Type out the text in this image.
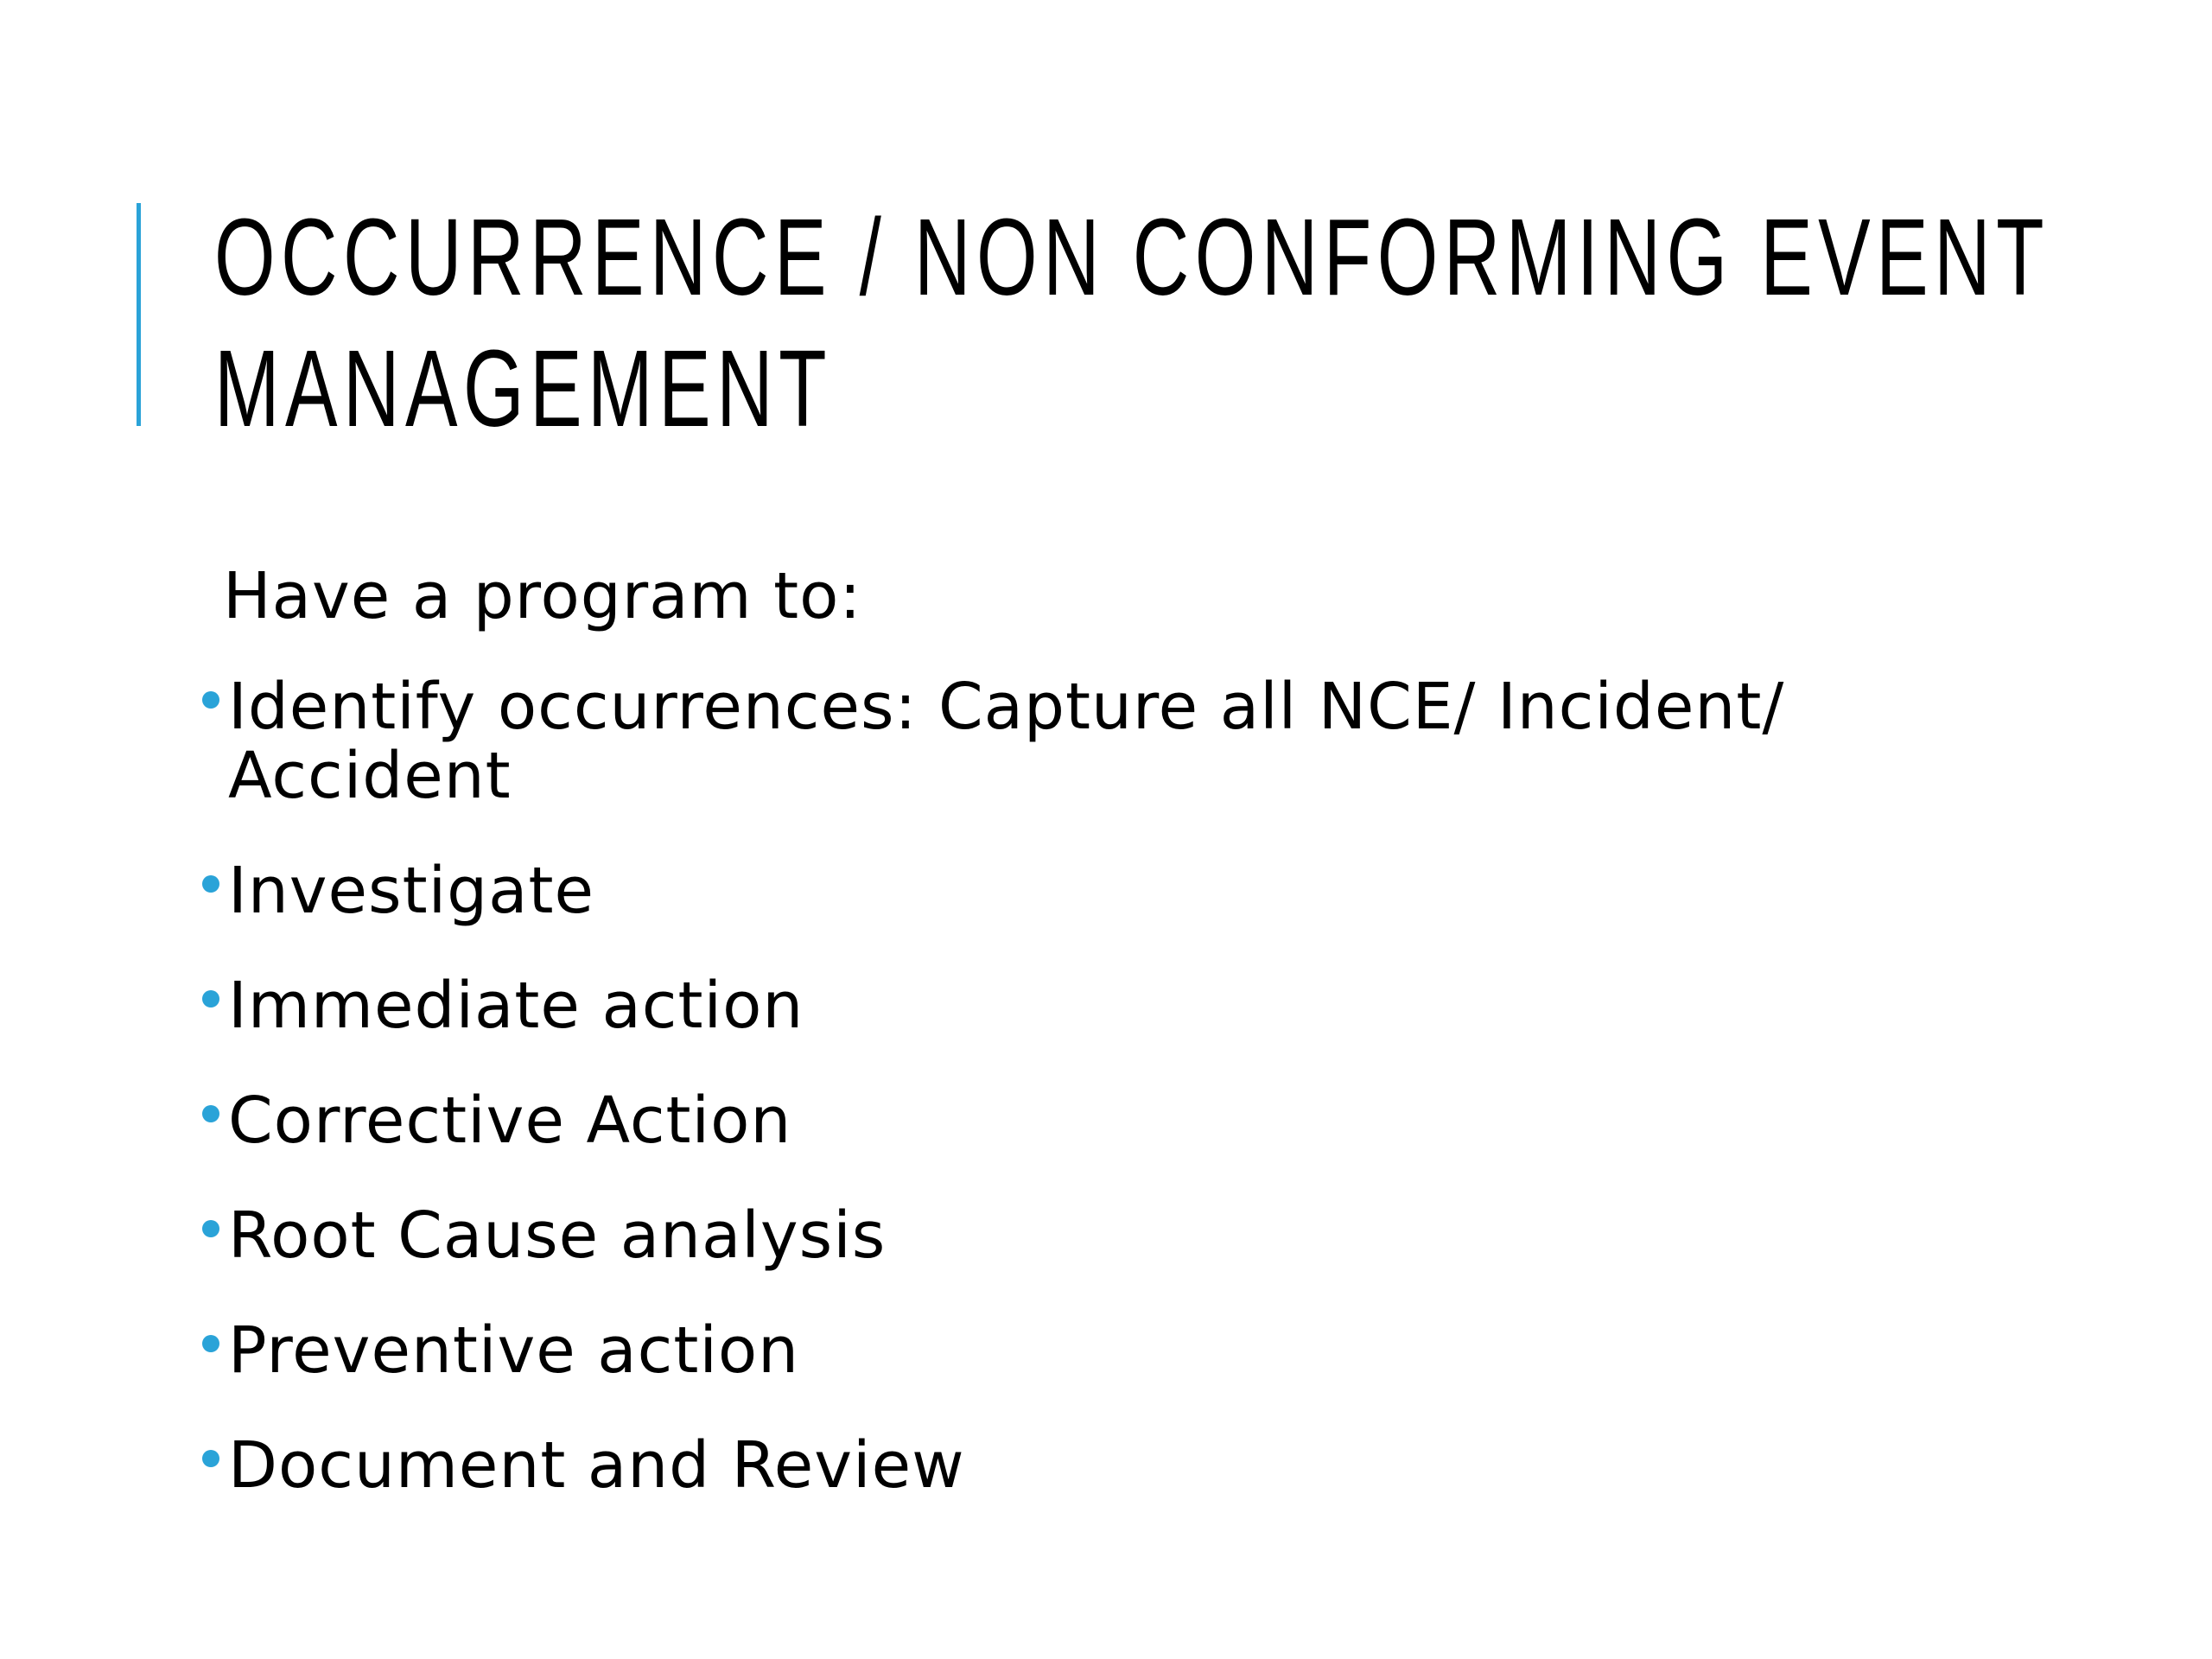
OCCURRENCE / NON CONFORMING EVENT
MANAGEMENT

Have a program to:

Identify occurrences: Capture all NCE/ Incident/
Accident
Investigate
Immediate action
Corrective Action
Root Cause analysis
Preventive action
Document and Review
